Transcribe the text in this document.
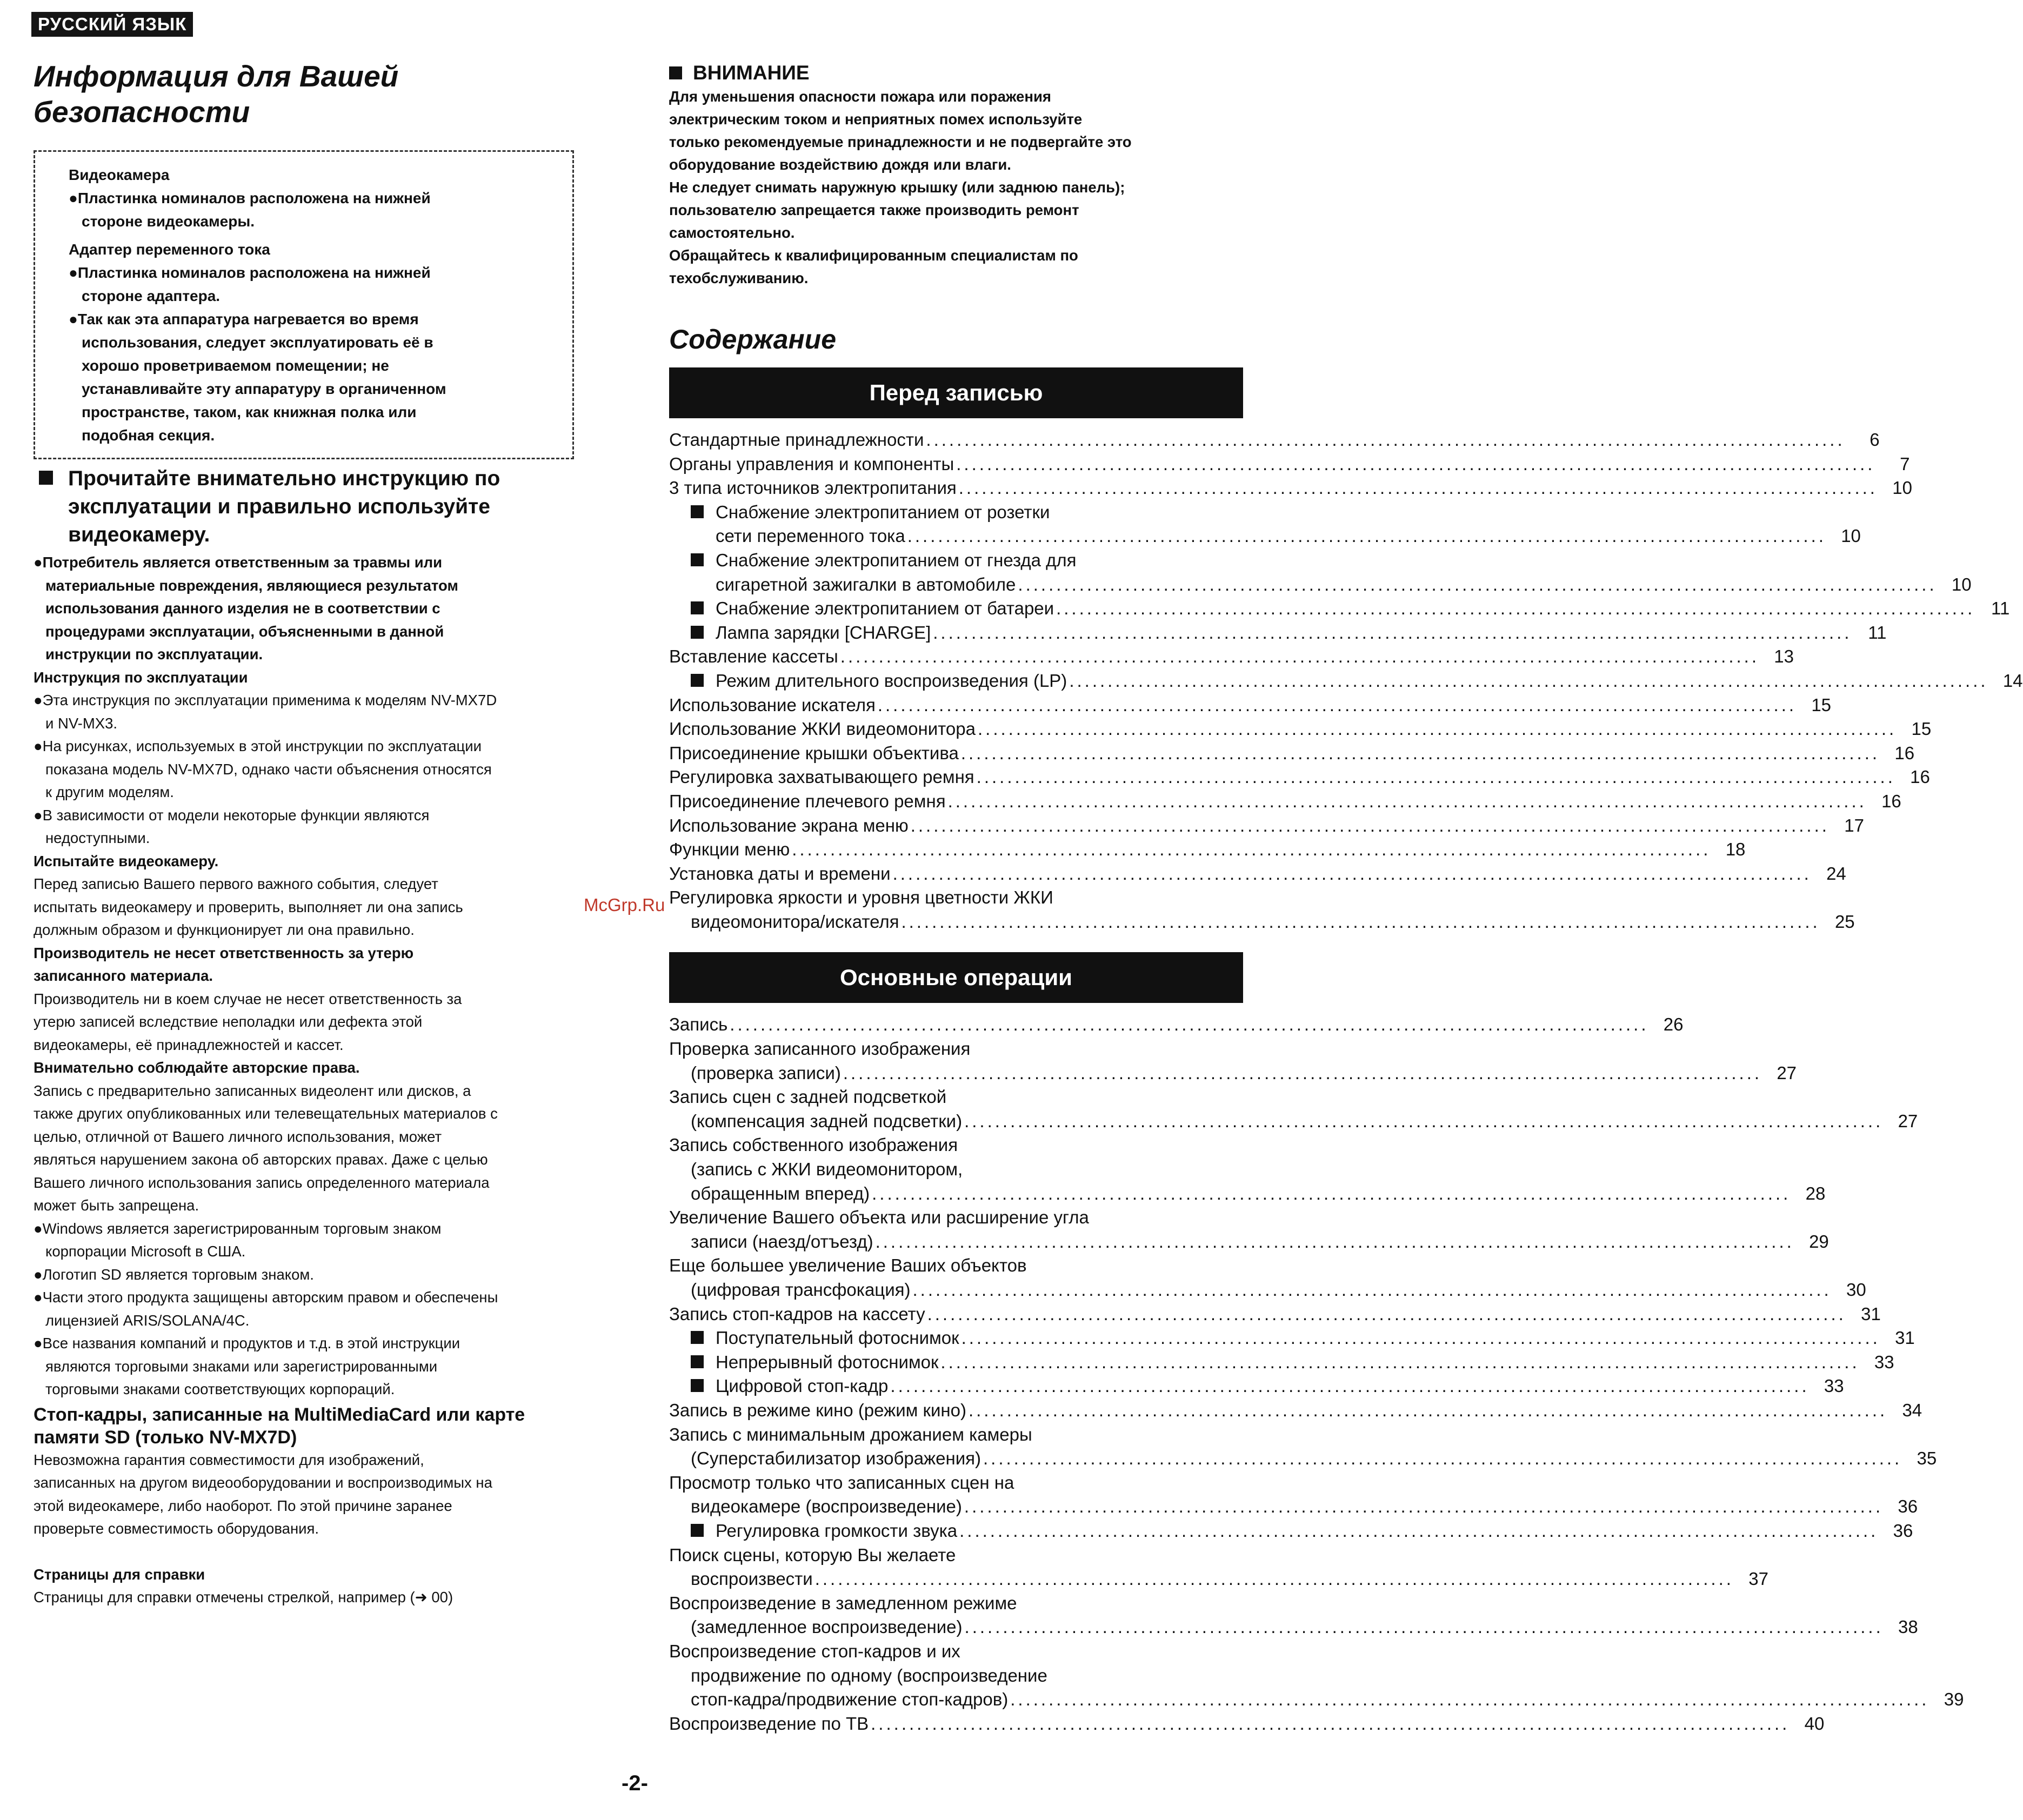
РУССКИЙ ЯЗЫК
Информация для Вашей
безопасности
Видеокамера
●Пластинка номиналов расположена на нижней
стороне видеокамеры.
Адаптер переменного тока
●Пластинка номиналов расположена на нижней
стороне адаптера.
●Так как эта аппаратура нагревается во время
использования, следует эксплуатировать её в
хорошо проветриваемом помещении; не
устанавливайте эту аппаратуру в органиченном
пространстве, таком, как книжная полка или
подобная секция.
Прочитайте внимательно инструкцию по
эксплуатации и правильно используйте
видеокамеру.

●Потребитель является ответственным за травмы или
материальные повреждения, являющиеся результатом
использования данного изделия не в соответствии с
процедурами эксплуатации, объясненными в данной
инструкции по эксплуатации.

Инструкция по эксплуатации

●Эта инструкция по эксплуатации применима к моделям NV-MX7D
и NV-MX3.

●На рисунках, используемых в этой инструкции по эксплуатации
показана модель NV-MX7D, однако части объяснения относятся
к другим моделям.

●В зависимости от модели некоторые функции являются
недоступными.

Испытайте видеокамеру.

Перед записью Вашего первого важного события, следует
испытать видеокамеру и проверить, выполняет ли она запись
должным образом и функционирует ли она правильно.

Производитель не несет ответственность за утерю
записанного материала.

Производитель ни в коем случае не несет ответственность за
утерю записей вследствие неполадки или дефекта этой
видеокамеры, её принадлежностей и кассет.

Внимательно соблюдайте авторские права.

Запись с предварительно записанных видеолент или дисков, а
также других опубликованных или телевещательных материалов с
целью, отличной от Вашего личного использования, может
являться нарушением закона об авторских правах. Даже с целью
Вашего личного использования запись определенного материала
может быть запрещена.

●Windows является зарегистрированным торговым знаком
корпорации Microsoft в США.

●Логотип SD является торговым знаком.

●Части этого продукта защищены авторским правом и обеспечены
лицензией ARIS/SOLANA/4C.

●Все названия компаний и продуктов и т.д. в этой инструкции
являются торговыми знаками или зарегистрированными
торговыми знаками соответствующих корпораций.

Стоп-кадры, записанные на MultiMediaCard или карте
памяти SD (только NV-MX7D)

Невозможна гарантия совместимости для изображений,
записанных на другом видеооборудовании и воспроизводимых на
этой видеокамере, либо наоборот. По этой причине заранее
проверьте совместимость оборудования.

Страницы для справки

Страницы для справки отмечены стрелкой, например (➜ 00)

ВНИМАНИЕ

Для уменьшения опасности пожара или поражения
электрическим током и неприятных помех используйте
только рекомендуемые принадлежности и не подвергайте это
оборудование воздействию дождя или влаги.
Не следует снимать наружную крышку (или заднюю панель);
пользователю запрещается также производить ремонт
самостоятельно.
Обращайтесь к квалифицированным специалистам по
техобслуживанию.

Содержание
Перед записью
Стандартные принадлежности ........................................................................................................................	6
Органы управления и компоненты ........................................................................................................................	7
3 типа источников электропитания ........................................................................................................................ 10
Снабжение электропитанием от розетки
сети переменного тока ........................................................................................................................ 10
Снабжение электропитанием от гнезда для
сигаретной зажигалки в автомобиле ........................................................................................................................ 10
Снабжение электропитанием от батареи ........................................................................................................................ 11
Лампа зарядки [CHARGE] ........................................................................................................................ 11
Вставление кассеты ........................................................................................................................ 13
Режим длительного воспроизведения (LP) ........................................................................................................................ 14
Использование искателя ........................................................................................................................ 15
Использование ЖКИ видеомонитора ........................................................................................................................ 15
Присоединение крышки объектива ........................................................................................................................ 16
Регулировка захватывающего ремня ........................................................................................................................ 16
Присоединение плечевого ремня ........................................................................................................................ 16
Использование экрана меню ........................................................................................................................ 17
Функции меню ........................................................................................................................ 18
Установка даты и времени ........................................................................................................................ 24
Регулировка яркости и уровня цветности ЖКИ
видеомонитора/искателя ........................................................................................................................ 25
Основные операции
Запись ........................................................................................................................ 26
Проверка записанного изображения
(проверка записи) ........................................................................................................................ 27
Запись сцен с задней подсветкой
(компенсация задней подсветки) ........................................................................................................................ 27
Запись собственного изображения
(запись с ЖКИ видеомонитором,
обращенным вперед) ........................................................................................................................ 28
Увеличение Вашего объекта или расширение угла
записи (наезд/отъезд) ........................................................................................................................ 29
Еще большее увеличение Ваших объектов
(цифровая трансфокация) ........................................................................................................................ 30
Запись стоп-кадров на кассету ........................................................................................................................ 31
Поступательный фотоснимок ........................................................................................................................ 31
Непрерывный фотоснимок ........................................................................................................................ 33
Цифровой стоп-кадр ........................................................................................................................ 33
Запись в режиме кино (режим кино) ........................................................................................................................ 34
Запись с минимальным дрожанием камеры
(Суперстабилизатор изображения) ........................................................................................................................ 35
Просмотр только что записанных сцен на
видеокамере (воспроизведение) ........................................................................................................................ 36
Регулировка громкости звука ........................................................................................................................ 36
Поиск сцены, которую Вы желаете
воспроизвести ........................................................................................................................ 37
Воспроизведение в замедленном режиме
(замедленное воспроизведение) ........................................................................................................................ 38
Воспроизведение стоп-кадров и их
продвижение по одному (воспроизведение
стоп-кадра/продвижение стоп-кадров) ........................................................................................................................ 39
Воспроизведение по ТВ ........................................................................................................................ 40
McGrp.Ru
-2-
